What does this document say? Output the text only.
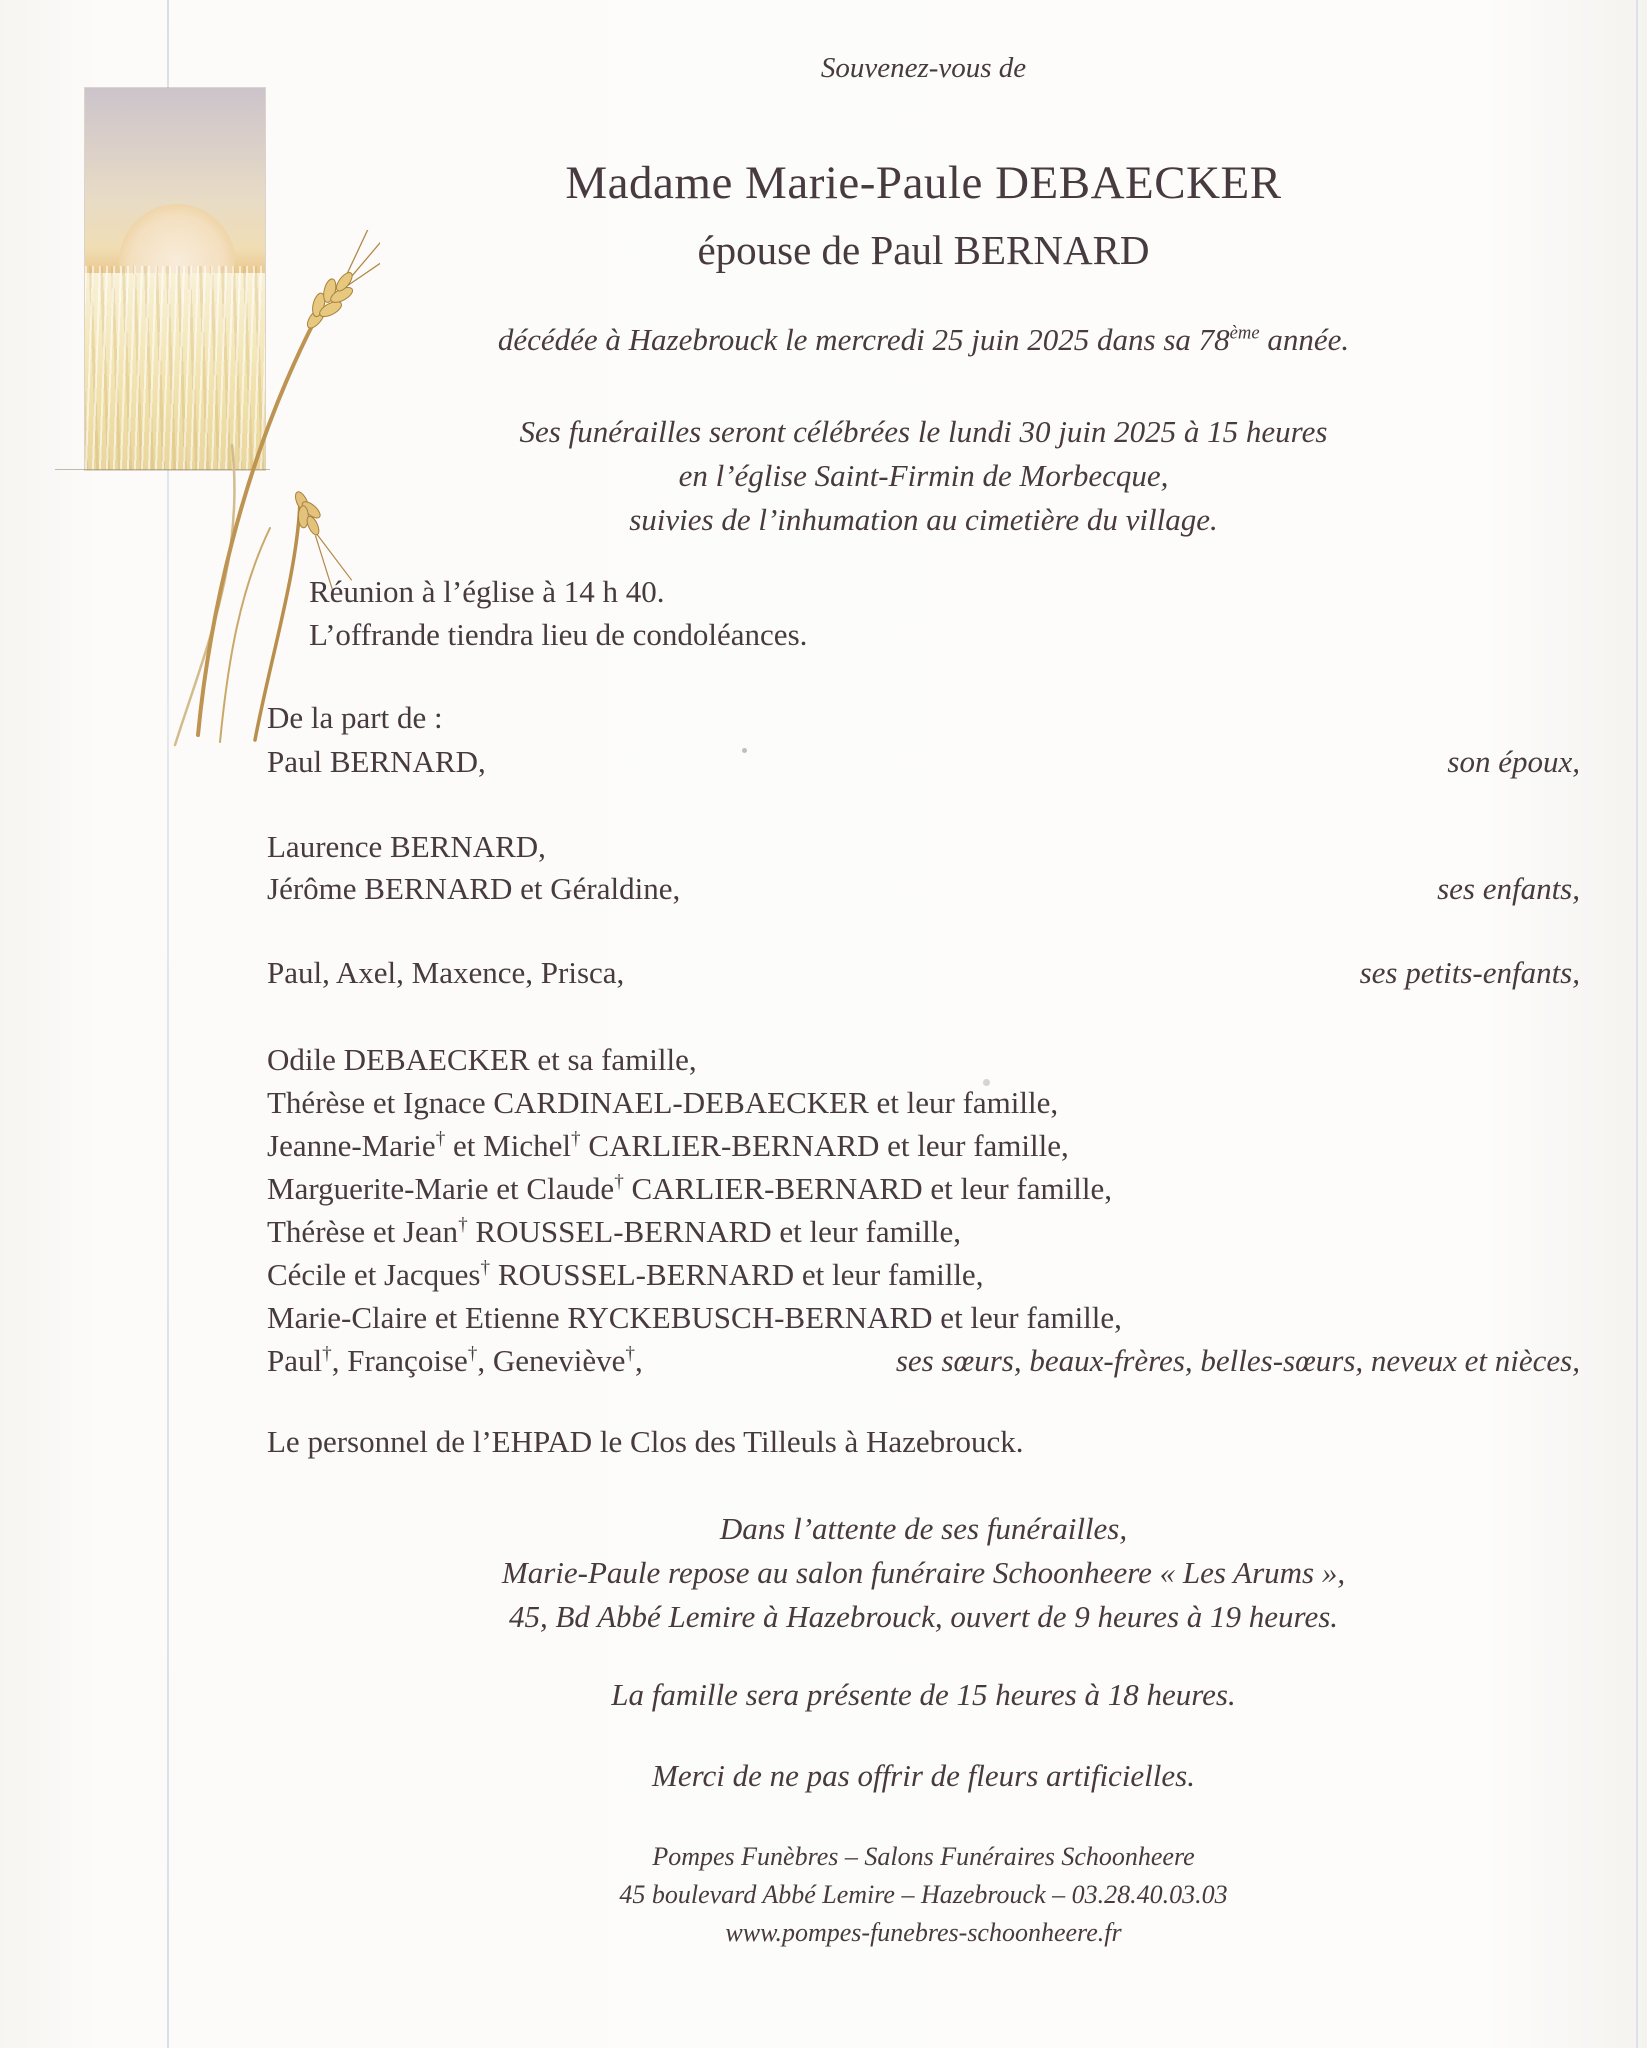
Souvenez-vous de

Madame Marie-Paule DEBAECKER
épouse de Paul BERNARD

décédée à Hazebrouck le mercredi 25 juin 2025 dans sa 78ème année.

Ses funérailles seront célébrées le lundi 30 juin 2025 à 15 heures

en l’église Saint-Firmin de Morbecque,

suivies de l’inhumation au cimetière du village.

Réunion à l’église à 14 h 40.

L’offrande tiendra lieu de condoléances.

De la part de :

Paul BERNARD,	son époux,

Laurence BERNARD,

Jérôme BERNARD et Géraldine,	ses enfants,
Paul, Axel, Maxence, Prisca,	ses petits-enfants,

Odile DEBAECKER et sa famille,

Thérèse et Ignace CARDINAEL-DEBAECKER et leur famille,

Jeanne-Marie† et Michel† CARLIER-BERNARD et leur famille,

Marguerite-Marie et Claude† CARLIER-BERNARD et leur famille,

Thérèse et Jean† ROUSSEL-BERNARD et leur famille,

Cécile et Jacques† ROUSSEL-BERNARD et leur famille,

Marie-Claire et Etienne RYCKEBUSCH-BERNARD et leur famille,

Paul†, Françoise†, Geneviève†,	ses sœurs, beaux-frères, belles-sœurs, neveux et nièces,

Le personnel de l’EHPAD le Clos des Tilleuls à Hazebrouck.

Dans l’attente de ses funérailles,

Marie-Paule repose au salon funéraire Schoonheere « Les Arums »,

45, Bd Abbé Lemire à Hazebrouck, ouvert de 9 heures à 19 heures.

La famille sera présente de 15 heures à 18 heures.

Merci de ne pas offrir de fleurs artificielles.

Pompes Funèbres – Salons Funéraires Schoonheere

45 boulevard Abbé Lemire – Hazebrouck – 03.28.40.03.03

www.pompes-funebres-schoonheere.fr
